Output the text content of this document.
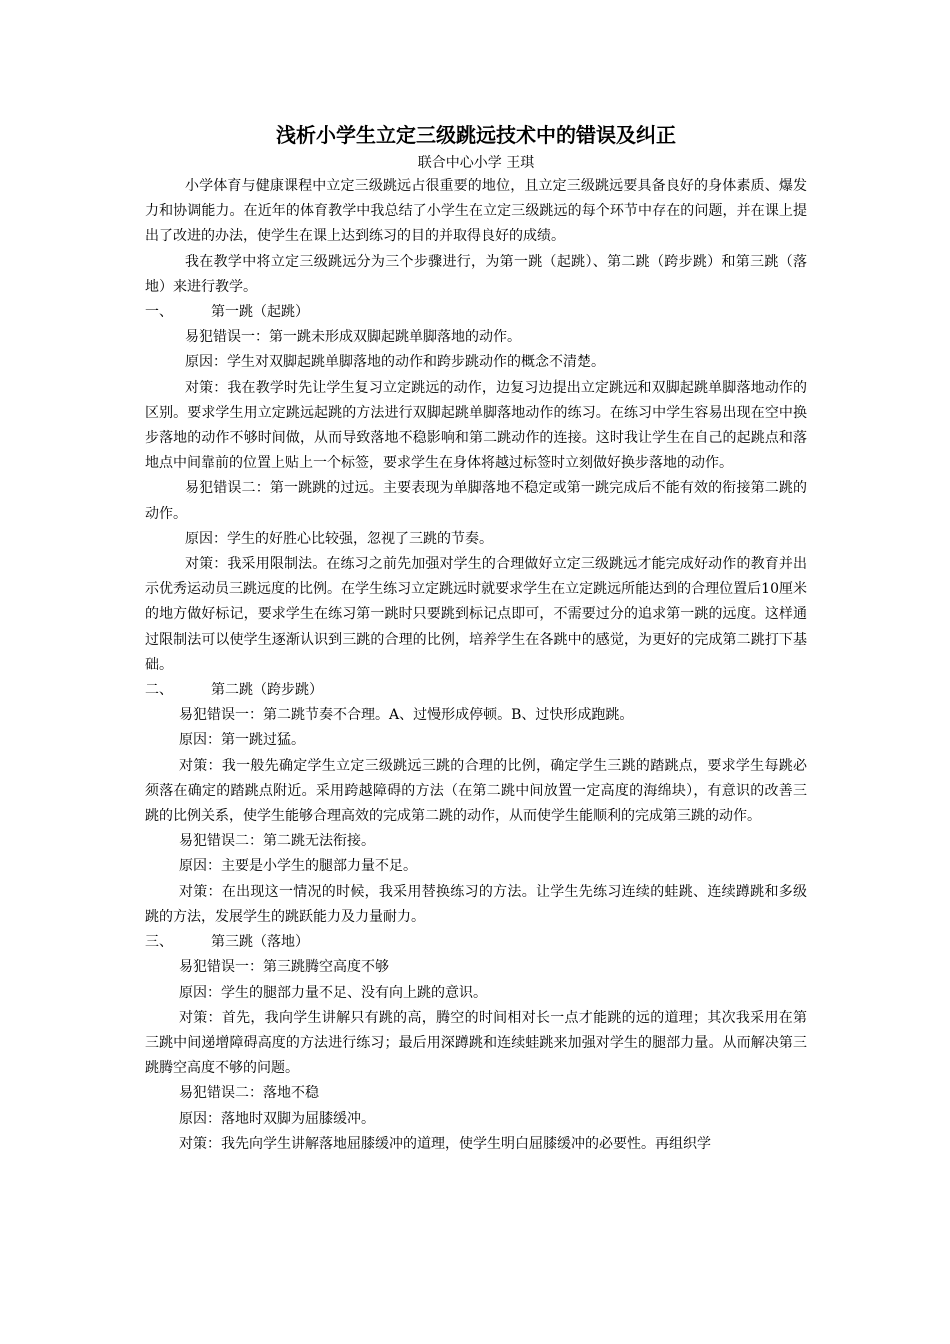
浅析小学生立定三级跳远技术中的错误及纠正
联合中心小学 王琪

小学体育与健康课程中立定三级跳远占很重要的地位，且立定三级跳远要具备良好的身体素质、爆发力和协调能力。在近年的体育教学中我总结了小学生在立定三级跳远的每个环节中存在的问题，并在课上提出了改进的办法，使学生在课上达到练习的目的并取得良好的成绩。

我在教学中将立定三级跳远分为三个步骤进行，为第一跳（起跳）、第二跳（跨步跳）和第三跳（落地）来进行教学。

一、	第一跳（起跳）

易犯错误一：第一跳未形成双脚起跳单脚落地的动作。

原因：学生对双脚起跳单脚落地的动作和跨步跳动作的概念不清楚。

对策：我在教学时先让学生复习立定跳远的动作，边复习边提出立定跳远和双脚起跳单脚落地动作的区别。要求学生用立定跳远起跳的方法进行双脚起跳单脚落地动作的练习。在练习中学生容易出现在空中换步落地的动作不够时间做，从而导致落地不稳影响和第二跳动作的连接。这时我让学生在自己的起跳点和落地点中间靠前的位置上贴上一个标签，要求学生在身体将越过标签时立刻做好换步落地的动作。

易犯错误二：第一跳跳的过远。主要表现为单脚落地不稳定或第一跳完成后不能有效的衔接第二跳的动作。

原因：学生的好胜心比较强，忽视了三跳的节奏。

对策：我采用限制法。在练习之前先加强对学生的合理做好立定三级跳远才能完成好动作的教育并出示优秀运动员三跳远度的比例。在学生练习立定跳远时就要求学生在立定跳远所能达到的合理位置后10厘米的地方做好标记，要求学生在练习第一跳时只要跳到标记点即可，不需要过分的追求第一跳的远度。这样通过限制法可以使学生逐渐认识到三跳的合理的比例，培养学生在各跳中的感觉，为更好的完成第二跳打下基础。

二、	第二跳（跨步跳）

易犯错误一：第二跳节奏不合理。A、过慢形成停顿。B、过快形成跑跳。

原因：第一跳过猛。

对策：我一般先确定学生立定三级跳远三跳的合理的比例，确定学生三跳的踏跳点，要求学生每跳必须落在确定的踏跳点附近。采用跨越障碍的方法（在第二跳中间放置一定高度的海绵块），有意识的改善三跳的比例关系，使学生能够合理高效的完成第二跳的动作，从而使学生能顺利的完成第三跳的动作。

易犯错误二：第二跳无法衔接。

原因：主要是小学生的腿部力量不足。

对策：在出现这一情况的时候，我采用替换练习的方法。让学生先练习连续的蛙跳、连续蹲跳和多级跳的方法，发展学生的跳跃能力及力量耐力。

三、	第三跳（落地）

易犯错误一：第三跳腾空高度不够

原因：学生的腿部力量不足、没有向上跳的意识。

对策：首先，我向学生讲解只有跳的高，腾空的时间相对长一点才能跳的远的道理；其次我采用在第三跳中间递增障碍高度的方法进行练习；最后用深蹲跳和连续蛙跳来加强对学生的腿部力量。从而解决第三跳腾空高度不够的问题。

易犯错误二：落地不稳

原因：落地时双脚为屈膝缓冲。

对策：我先向学生讲解落地屈膝缓冲的道理，使学生明白屈膝缓冲的必要性。再组织学
